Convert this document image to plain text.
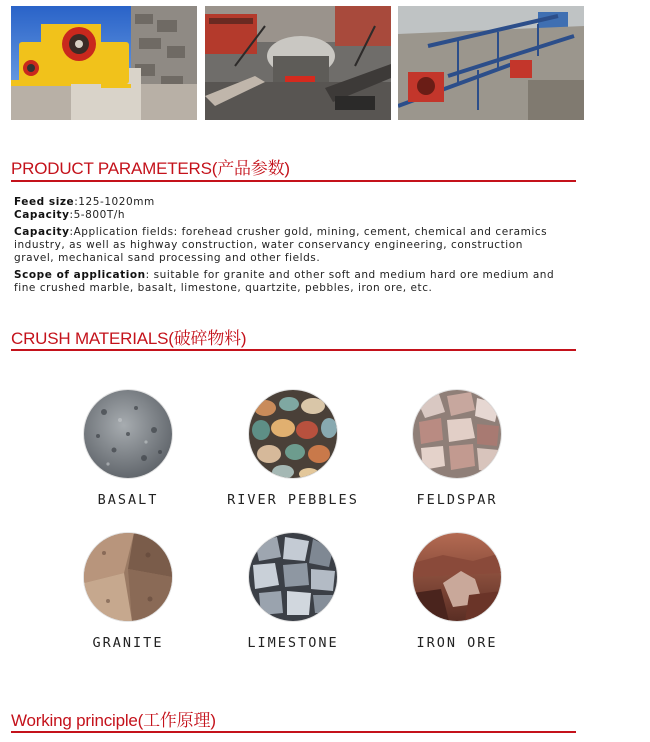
PRODUCT PARAMETERS(产品参数)

Feed size:125-1020mm

Capacity:5-800T/h

Capacity:Application fields: forehead crusher gold, mining, cement, chemical and ceramics
industry, as well as highway construction, water conservancy engineering, construction
gravel, mechanical sand processing and other fields.

Scope of application: suitable for granite and other soft and medium hard ore medium and
fine crushed marble, basalt, limestone, quartzite, pebbles, iron ore, etc.

CRUSH MATERIALS(破碎物料)
BASALT	RIVER PEBBLES	FELDSPAR
GRANITE	LIMESTONE	IRON ORE
Working principle(工作原理)
